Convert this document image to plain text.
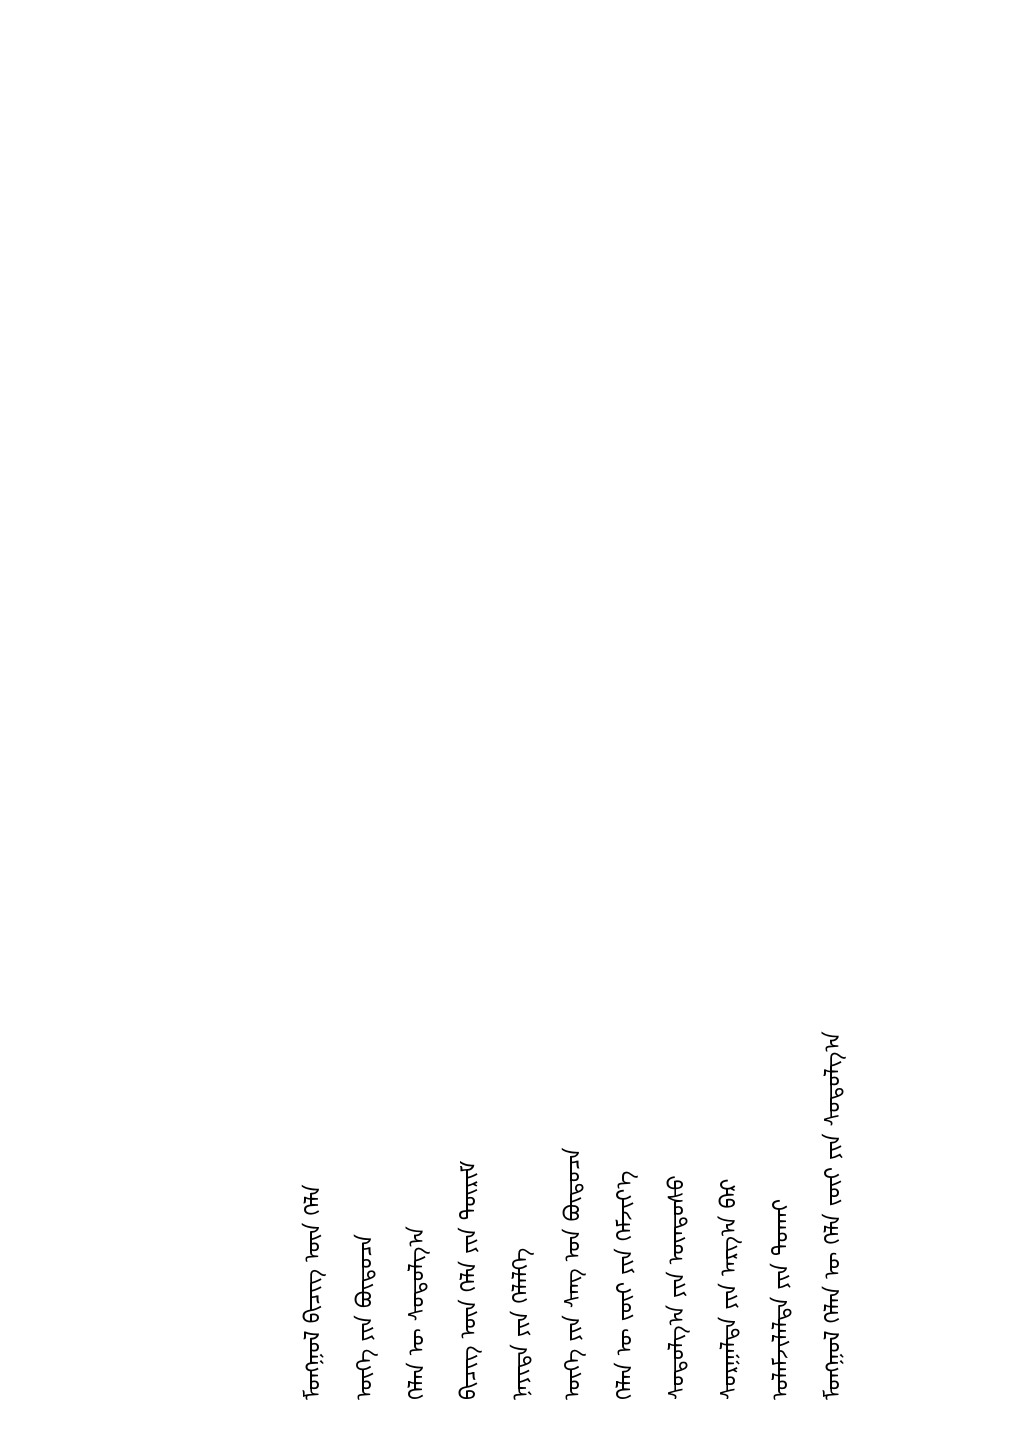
ᠮᠣᠩᠭᠣᠯ ᠬᠡᠯᠡᠨ ᠦ ᠬᠡᠯᠡ ᠵᠦᠢ ᠶᠢᠨ ᠰᠤᠳᠤᠯᠭ᠎ᠠ
ᠤᠯᠠᠮᠵᠢᠯᠠᠯᠲᠠ ᠶᠢᠨ ᠲᠣᠬᠠᠢ
ᠰᠤᠷᠭᠠᠯᠳᠠ ᠶᠢᠨ ᠠᠷᠭ᠎ᠠ ᠪᠠᠷ
ᠰᠤᠳᠤᠯᠭ᠎ᠠ ᠶᠢᠨ ᠦᠨᠳᠦᠰᠦ
ᠬᠡᠯᠡᠨ ᠦ ᠵᠦᠢ ᠶᠢᠨ ᠬᠡᠮᠵᠢᠶ᠎ᠡ
ᠦᠭᠡ ᠶᠢᠨ ᠰᠠᠩ ᠤᠨ ᠪᠦᠲᠦᠴᠡ
ᠨᠡᠶᠢᠲᠡ ᠶᠢᠨ ᠬᠡᠯᠡᠯᠭᠡ
ᠪᠢᠴᠢᠭ ᠦᠨ ᠬᠡᠯᠡ ᠶᠢᠨ ᠳᠦᠷᠢᠮ
ᠬᠡᠯᠡᠨ ᠦ ᠰᠤᠳᠤᠯᠭ᠎ᠠ
ᠦᠭᠡ ᠶᠢᠨ ᠪᠦᠲᠦᠴᠡ
ᠮᠣᠩᠭᠣᠯ ᠪᠢᠴᠢᠭ ᠦᠨ ᠬᠡᠯᠡ
